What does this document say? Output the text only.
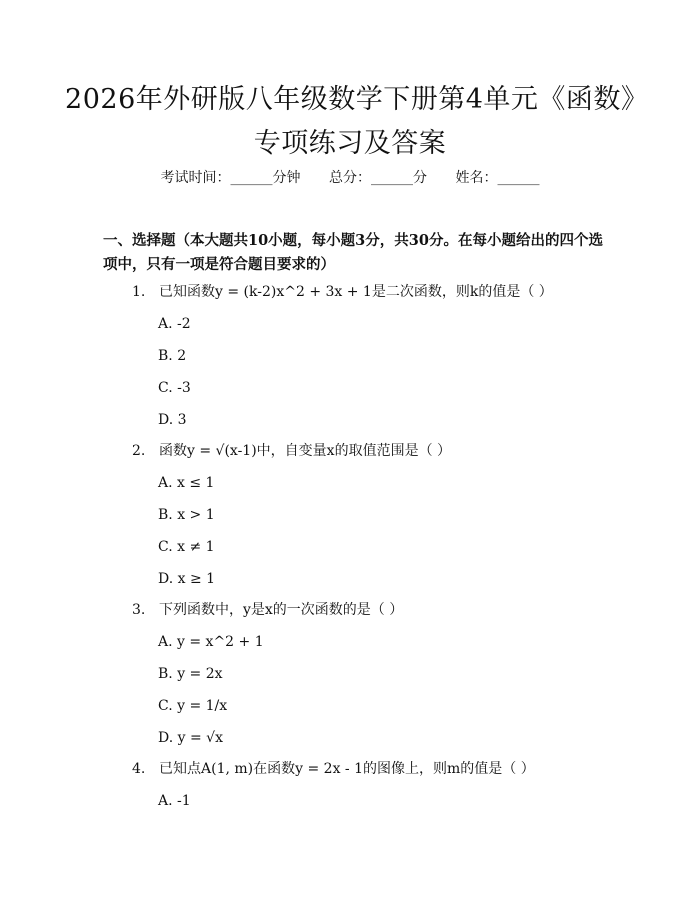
2026年外研版八年级数学下册第4单元《函数》专项练习及答案
考试时间：______分钟 总分：______分 姓名：______

一、选择题（本大题共10小题，每小题3分，共30分。在每小题给出的四个选项中，只有一项是符合题目要求的）

1. 已知函数y = (k-2)x^2 + 3x + 1是二次函数，则k的值是（ ）
A. -2
B. 2
C. -3
D. 3
2. 函数y = √(x-1)中，自变量x的取值范围是（ ）
A. x ≤ 1
B. x > 1
C. x ≠ 1
D. x ≥ 1
3. 下列函数中，y是x的一次函数的是（ ）
A. y = x^2 + 1
B. y = 2x
C. y = 1/x
D. y = √x
4. 已知点A(1, m)在函数y = 2x - 1的图像上，则m的值是（ ）
A. -1
